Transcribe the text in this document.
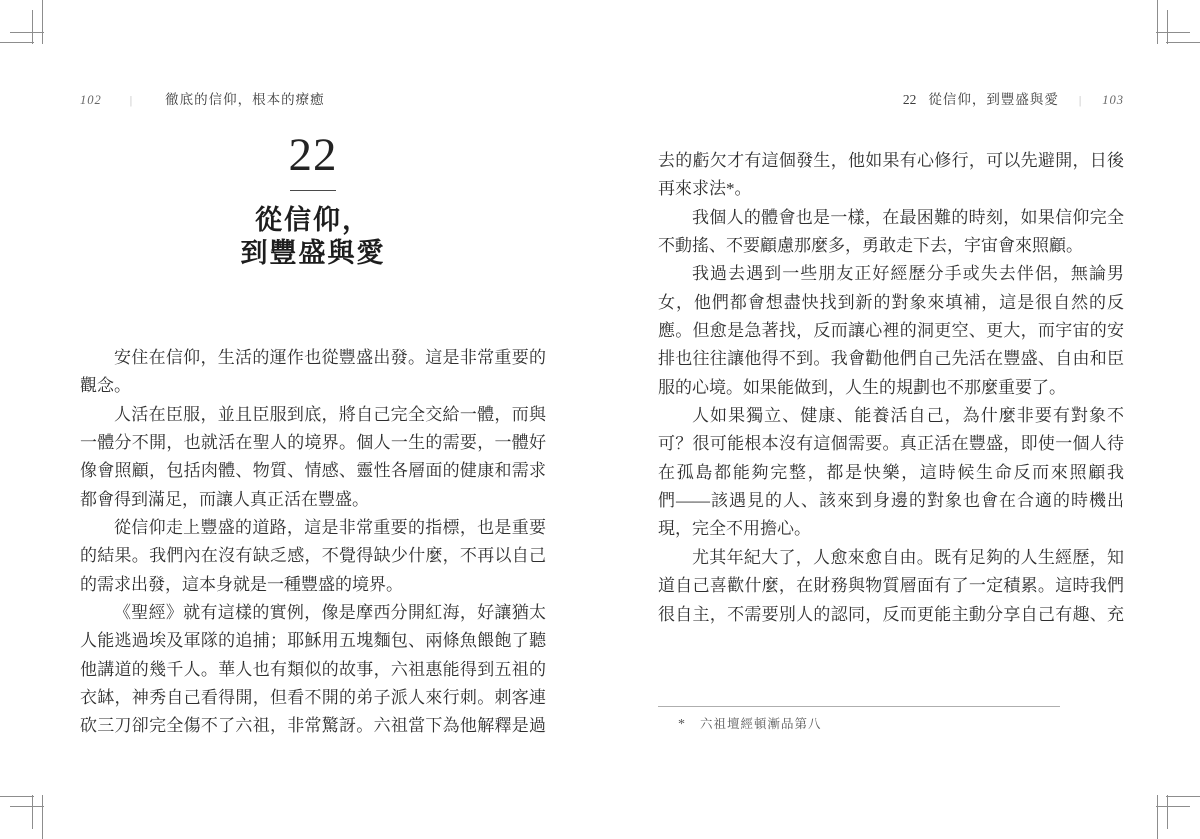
102 | 徹底的信仰，根本的療癒
22
從信仰，
到豐盛與愛
安住在信仰，生活的運作也從豐盛出發。這是非常重要的
觀念。
人活在臣服，並且臣服到底，將自己完全交給一體，而與
一體分不開，也就活在聖人的境界。個人一生的需要，一體好
像會照顧，包括肉體、物質、情感、靈性各層面的健康和需求
都會得到滿足，而讓人真正活在豐盛。
從信仰走上豐盛的道路，這是非常重要的指標，也是重要
的結果。我們內在沒有缺乏感，不覺得缺少什麼，不再以自己
的需求出發，這本身就是一種豐盛的境界。
《聖經》就有這樣的實例，像是摩西分開紅海，好讓猶太
人能逃過埃及軍隊的追捕；耶穌用五塊麵包、兩條魚餵飽了聽
他講道的幾千人。華人也有類似的故事，六祖惠能得到五祖的
衣缽，神秀自己看得開，但看不開的弟子派人來行刺。刺客連
砍三刀卻完全傷不了六祖，非常驚訝。六祖當下為他解釋是過
22 從信仰，到豐盛與愛 | 103
去的虧欠才有這個發生，他如果有心修行，可以先避開，日後
再來求法*。
我個人的體會也是一樣，在最困難的時刻，如果信仰完全
不動搖、不要顧慮那麼多，勇敢走下去，宇宙會來照顧。
我過去遇到一些朋友正好經歷分手或失去伴侶，無論男
女，他們都會想盡快找到新的對象來填補，這是很自然的反
應。但愈是急著找，反而讓心裡的洞更空、更大，而宇宙的安
排也往往讓他得不到。我會勸他們自己先活在豐盛、自由和臣
服的心境。如果能做到，人生的規劃也不那麼重要了。
人如果獨立、健康、能養活自己，為什麼非要有對象不
可？很可能根本沒有這個需要。真正活在豐盛，即使一個人待
在孤島都能夠完整，都是快樂，這時候生命反而來照顧我
們——該遇見的人、該來到身邊的對象也會在合適的時機出
現，完全不用擔心。
尤其年紀大了，人愈來愈自由。既有足夠的人生經歷，知
道自己喜歡什麼，在財務與物質層面有了一定積累。這時我們
很自主，不需要別人的認同，反而更能主動分享自己有趣、充
* 六祖壇經頓漸品第八
